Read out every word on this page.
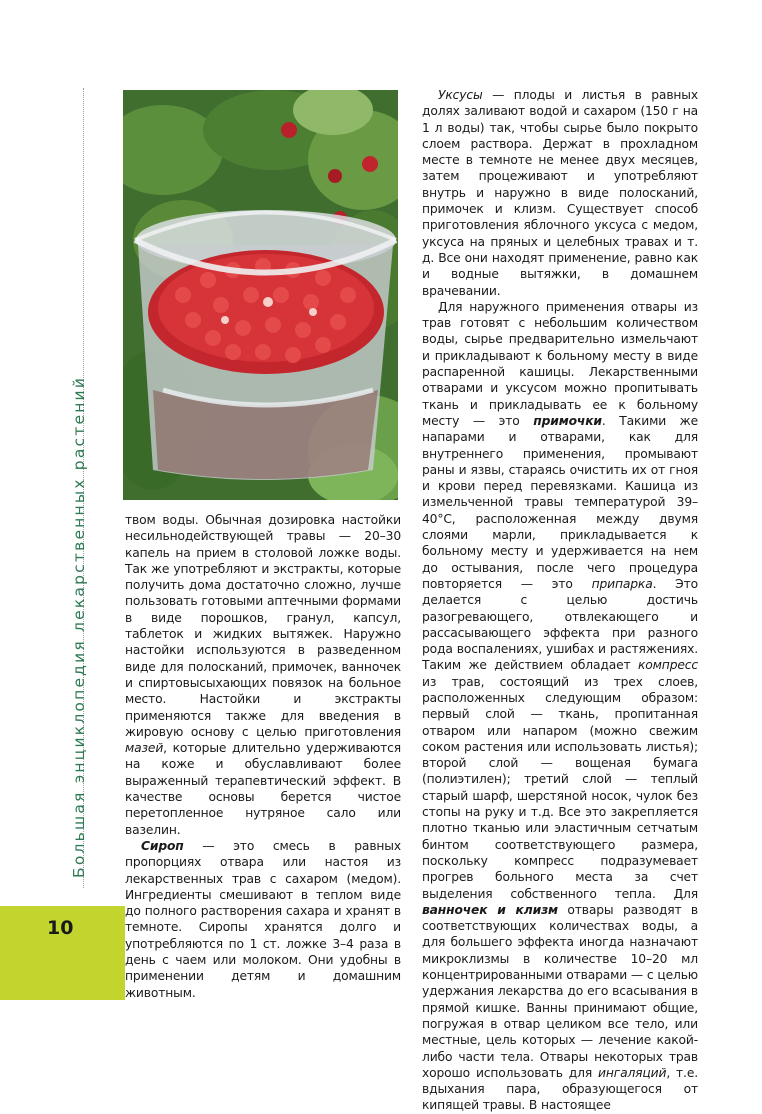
Большая энциклопедия лекарственных растений
10

твом воды. Обычная дозировка настойки несильнодействующей травы — 20–30 капель на прием в столовой ложке воды. Так же употребляют и экстракты, которые получить дома достаточно сложно, лучше пользовать готовыми аптечными формами в виде порошков, гранул, капсул, таблеток и жидких вытяжек. Наружно настойки используются в разведенном виде для полосканий, примочек, ванночек и спиртовысыхающих повязок на больное место. Настойки и экстракты применяются также для введения в жировую основу с целью приготовления мазей, которые длительно удерживаются на коже и обуславливают более выраженный терапевтический эффект. В качестве основы берется чистое перетопленное нутряное сало или вазелин.

Сироп — это смесь в равных пропорциях отвара или настоя из лекарственных трав с сахаром (медом). Ингредиенты смешивают в теплом виде до полного растворения сахара и хранят в темноте. Сиропы хранятся долго и употребляются по 1 ст. ложке 3–4 раза в день с чаем или молоком. Они удобны в применении детям и домашним животным.

Уксусы — плоды и листья в равных долях заливают водой и сахаром (150 г на 1 л воды) так, чтобы сырье было покрыто слоем раствора. Держат в прохладном месте в темноте не менее двух месяцев, затем процеживают и употребляют внутрь и наружно в виде полосканий, примочек и клизм. Существует способ приготовления яблочного уксуса с медом, уксуса на пряных и целебных травах и т. д. Все они находят применение, равно как и водные вытяжки, в домашнем врачевании.

Для наружного применения отвары из трав готовят с небольшим количеством воды, сырье предварительно измельчают и прикладывают к больному месту в виде распаренной кашицы. Лекарственными отварами и уксусом можно пропитывать ткань и прикладывать ее к больному месту — это примочки. Такими же напарами и отварами, как для внутреннего применения, промывают раны и язвы, стараясь очистить их от гноя и крови перед перевязками. Кашица из измельченной травы температурой 39–40°С, расположенная между двумя слоями марли, прикладывается к больному месту и удерживается на нем до остывания, после чего процедура повторяется — это припарка. Это делается с целью достичь разогревающего, отвлекающего и рассасывающего эффекта при разного рода воспалениях, ушибах и растяжениях. Таким же действием обладает компресс из трав, состоящий из трех слоев, расположенных следующим образом: первый слой — ткань, пропитанная отваром или напаром (можно свежим соком растения или использовать листья); второй слой — вощеная бумага (полиэтилен); третий слой — теплый старый шарф, шерстяной носок, чулок без стопы на руку и т.д. Все это закрепляется плотно тканью или эластичным сетчатым бинтом соответствующего размера, поскольку компресс подразумевает прогрев больного места за счет выделения собственного тепла. Для ванночек и клизм отвары разводят в соответствующих количествах воды, а для большего эффекта иногда назначают микроклизмы в количестве 10–20 мл концентрированными отварами — с целью удержания лекарства до его всасывания в прямой кишке. Ванны принимают общие, погружая в отвар целиком все тело, или местные, цель которых — лечение какой-либо части тела. Отвары некоторых трав хорошо использовать для ингаляций, т.е. вдыхания пара, образующегося от кипящей травы. В настоящее
